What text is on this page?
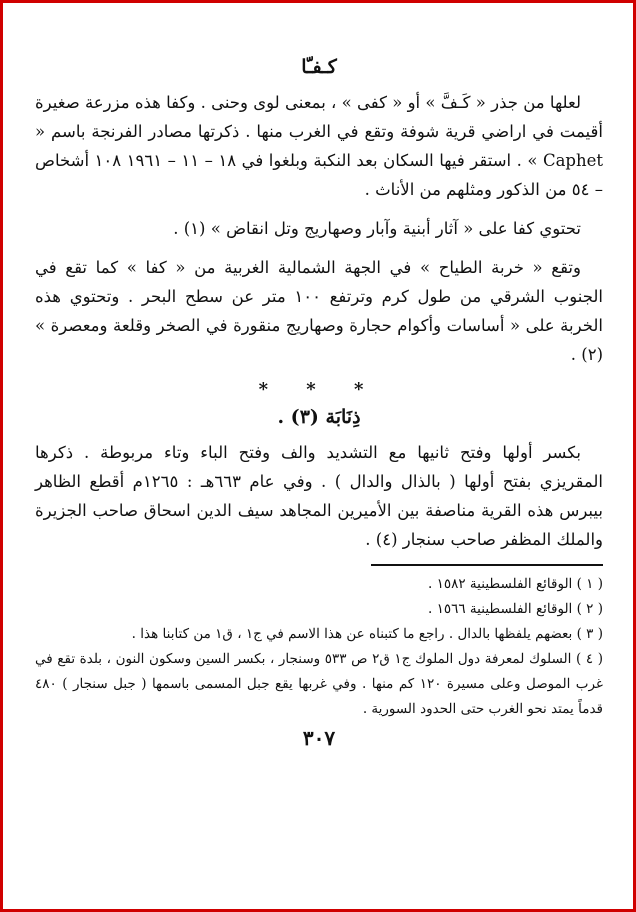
كـفـّا

لعلها من جذر « كَـفَّ » أو « كفى » ، بمعنى لوى وحنى . وكفا هذه مزرعة صغيرة أقيمت في اراضي قرية شوفة وتقع في الغرب منها . ذكرتها مصادر الفرنجة باسم « Caphet » . استقر فيها السكان بعد النكبة وبلغوا في ١٨ – ١١ – ١٩٦١ ١٠٨ أشخاص – ٥٤ من الذكور ومثلهم من الأناث .

تحتوي كفا على « آثار أبنية وآبار وصهاريج وتل انقاض » (١) .

وتقع « خربة الطياح » في الجهة الشمالية الغربية من « كفا » كما تقع في الجنوب الشرقي من طول كرم وترتفع ١٠٠ متر عن سطح البحر . وتحتوي هذه الخربة على « أساسات وأكوام حجارة وصهاريج منقورة في الصخر وقلعة ومعصرة » (٢) .

* * *
ذِنَابَة (٣) .

بكسر أولها وفتح ثانيها مع التشديد والف وفتح الباء وتاء مربوطة . ذكرها المقريزي بفتح أولها ( بالذال والدال ) . وفي عام ٦٦٣هـ : ١٢٦٥م أقطع الظاهر بيبرس هذه القرية مناصفة بين الأميرين المجاهد سيف الدين اسحاق صاحب الجزيرة والملك المظفر صاحب سنجار (٤) .

( ١ ) الوقائع الفلسطينية ١٥٨٢ .

( ٢ ) الوقائع الفلسطينية ١٥٦٦ .

( ٣ ) بعضهم يلفظها بالدال . راجع ما كتبناه عن هذا الاسم في ج١ ، ق١ من كتابنا هذا .

( ٤ ) السلوك لمعرفة دول الملوك ج١ ق٢ ص ٥٣٣ وسنجار ، بكسر السين وسكون النون ، بلدة تقع في غرب الموصل وعلى مسيرة ١٢٠ كم منها . وفي غربها يقع جبل المسمى باسمها ( جبل سنجار ) ٤٨٠ قدماً يمتد نحو الغرب حتى الحدود السورية .

٣٠٧
